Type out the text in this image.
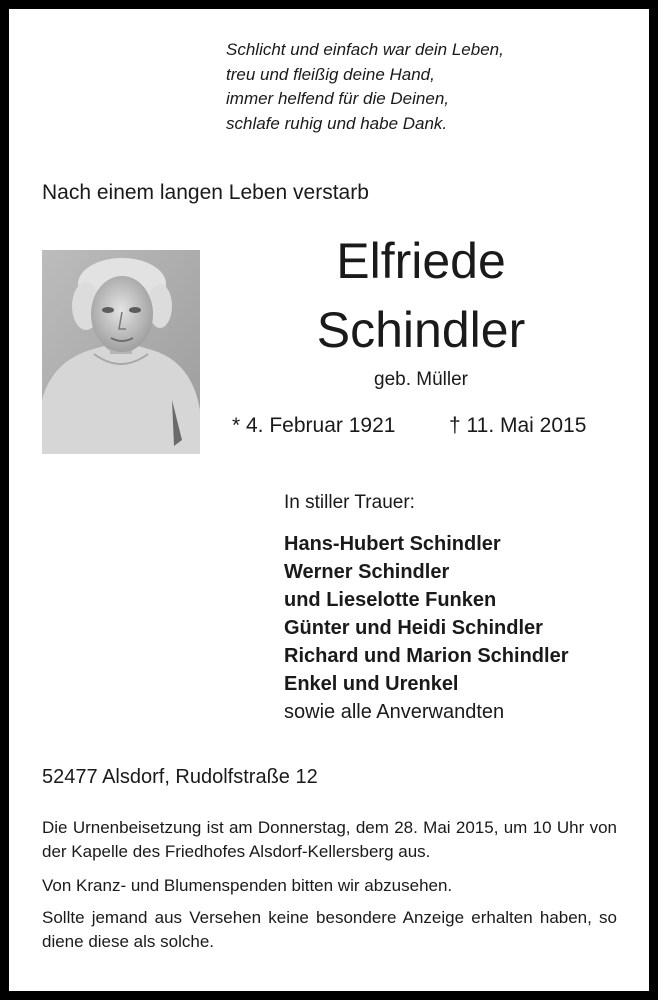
Schlicht und einfach war dein Leben,
treu und fleißig deine Hand,
immer helfend für die Deinen,
schlafe ruhig und habe Dank.
Nach einem langen Leben verstarb
Elfriede
Schindler
geb. Müller
* 4. Februar 1921	† 11. Mai 2015
In stiller Trauer:
Hans-Hubert Schindler
Werner Schindler
und Lieselotte Funken
Günter und Heidi Schindler
Richard und Marion Schindler
Enkel und Urenkel
sowie alle Anverwandten
52477 Alsdorf, Rudolfstraße 12
Die Urnenbeisetzung ist am Donnerstag, dem 28. Mai 2015, um 10 Uhr von der Kapelle des Friedhofes Alsdorf-Kellersberg aus.
Von Kranz- und Blumenspenden bitten wir abzusehen.
Sollte jemand aus Versehen keine besondere Anzeige erhalten haben, so diene diese als solche.
